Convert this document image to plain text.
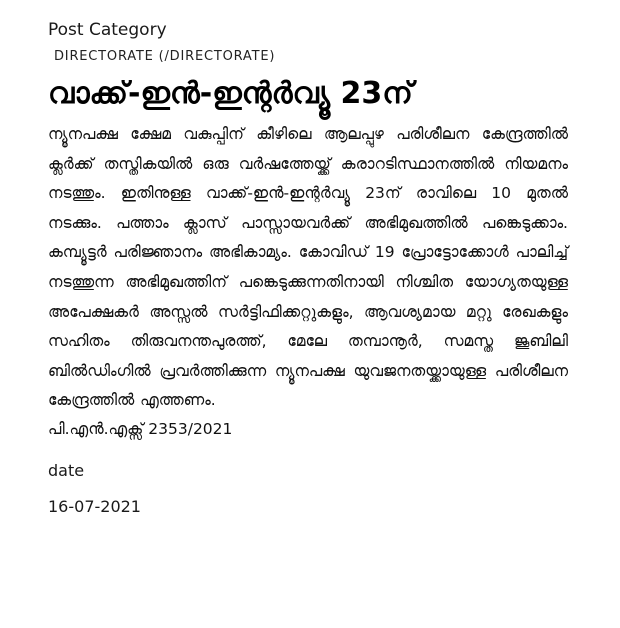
Post Category

DIRECTORATE (/DIRECTORATE)

വാക്ക്-ഇൻ-ഇന്റർവ്യൂ 23ന്

ന്യൂനപക്ഷ ക്ഷേമ വകുപ്പിന് കീഴിലെ ആലപ്പുഴ പരിശീലന കേന്ദ്രത്തിൽ ക്ലർക്ക് തസ്തികയിൽ ഒരു വർഷത്തേയ്ക്ക് കരാറടിസ്ഥാനത്തിൽ നിയമനം നടത്തും. ഇതിനുള്ള വാക്ക്-ഇൻ-ഇന്റർവ്യൂ 23ന് രാവിലെ 10 മുതൽ നടക്കും. പത്താം ക്ലാസ് പാസ്സായവർക്ക് അഭിമുഖത്തിൽ പങ്കെടുക്കാം. കമ്പ്യൂട്ടർ പരിജ്ഞാനം അഭികാമ്യം. കോവിഡ് 19 പ്രോട്ടോക്കോൾ പാലിച്ച് നടത്തുന്ന അഭിമുഖത്തിന് പങ്കെടുക്കുന്നതിനായി നിശ്ചിത യോഗ്യതയുള്ള അപേക്ഷകർ അസ്സൽ സർട്ടിഫിക്കറ്റുകളും, ആവശ്യമായ മറ്റു രേഖകളും സഹിതം തിരുവനന്തപുരത്ത്, മേലേ തമ്പാനൂർ, സമസ്ത ജൂബിലി ബിൽഡിംഗിൽ പ്രവർത്തിക്കുന്ന ന്യൂനപക്ഷ യുവജനതയ്ക്കായുള്ള പരിശീലന കേന്ദ്രത്തിൽ എത്തണം.

പി.എൻ.എക്സ് 2353/2021

date

16-07-2021
